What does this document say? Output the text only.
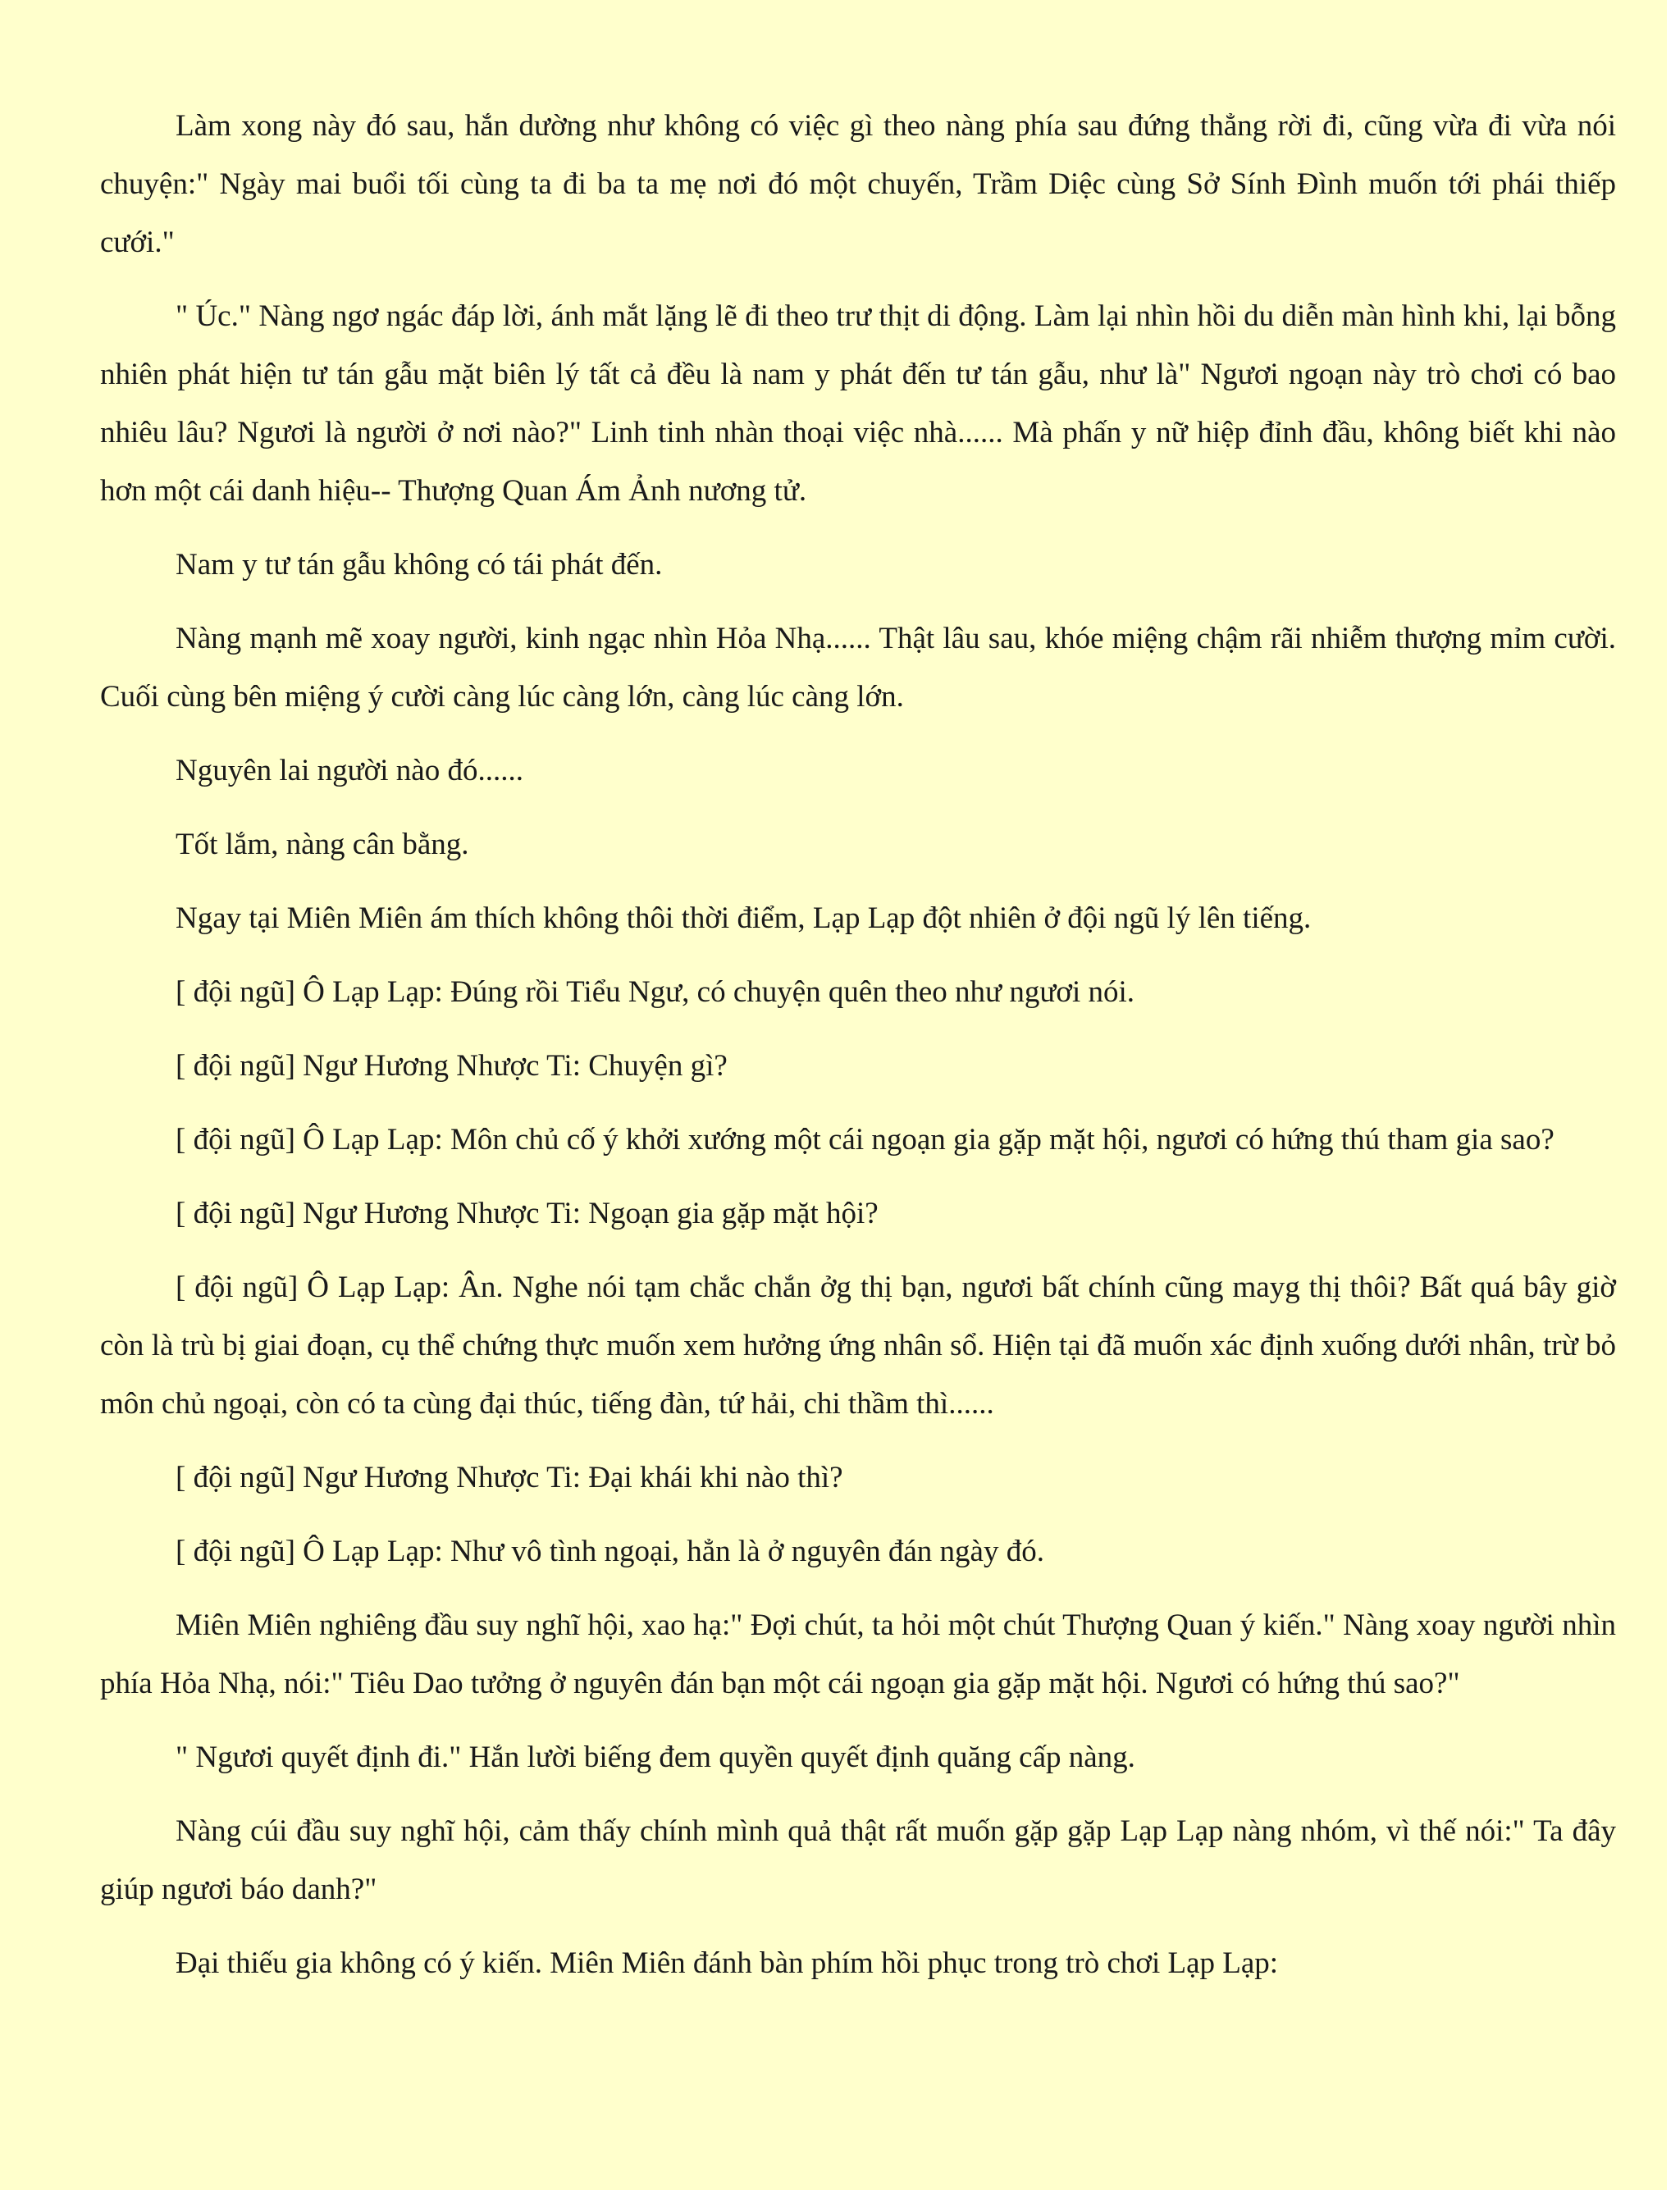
Làm xong này đó sau, hắn dường như không có việc gì theo nàng phía sau đứng thẳng rời đi, cũng vừa đi vừa nói chuyện:" Ngày mai buổi tối cùng ta đi ba ta mẹ nơi đó một chuyến, Trầm Diệc cùng Sở Sính Đình muốn tới phái thiếp cưới."

" Úc." Nàng ngơ ngác đáp lời, ánh mắt lặng lẽ đi theo trư thịt di động. Làm lại nhìn hồi du diễn màn hình khi, lại bỗng nhiên phát hiện tư tán gẫu mặt biên lý tất cả đều là nam y phát đến tư tán gẫu, như là" Ngươi ngoạn này trò chơi có bao nhiêu lâu? Ngươi là người ở nơi nào?" Linh tinh nhàn thoại việc nhà...... Mà phấn y nữ hiệp đỉnh đầu, không biết khi nào hơn một cái danh hiệu-- Thượng Quan Ám Ảnh nương tử.

Nam y tư tán gẫu không có tái phát đến.

Nàng mạnh mẽ xoay người, kinh ngạc nhìn Hỏa Nhạ...... Thật lâu sau, khóe miệng chậm rãi nhiễm thượng mỉm cười. Cuối cùng bên miệng ý cười càng lúc càng lớn, càng lúc càng lớn.

Nguyên lai người nào đó......

Tốt lắm, nàng cân bằng.

Ngay tại Miên Miên ám thích không thôi thời điểm, Lạp Lạp đột nhiên ở đội ngũ lý lên tiếng.

[ đội ngũ] Ô Lạp Lạp: Đúng rồi Tiểu Ngư, có chuyện quên theo như ngươi nói.

[ đội ngũ] Ngư Hương Nhược Ti: Chuyện gì?

[ đội ngũ] Ô Lạp Lạp: Môn chủ cố ý khởi xướng một cái ngoạn gia gặp mặt hội, ngươi có hứng thú tham gia sao?

[ đội ngũ] Ngư Hương Nhược Ti: Ngoạn gia gặp mặt hội?

[ đội ngũ] Ô Lạp Lạp: Ân. Nghe nói tạm chắc chắn ởg thị bạn, ngươi bất chính cũng mayg thị thôi? Bất quá bây giờ còn là trù bị giai đoạn, cụ thể chứng thực muốn xem hưởng ứng nhân sổ. Hiện tại đã muốn xác định xuống dưới nhân, trừ bỏ môn chủ ngoại, còn có ta cùng đại thúc, tiếng đàn, tứ hải, chi thầm thì......

[ đội ngũ] Ngư Hương Nhược Ti: Đại khái khi nào thì?

[ đội ngũ] Ô Lạp Lạp: Như vô tình ngoại, hẳn là ở nguyên đán ngày đó.

Miên Miên nghiêng đầu suy nghĩ hội, xao hạ:" Đợi chút, ta hỏi một chút Thượng Quan ý kiến." Nàng xoay người nhìn phía Hỏa Nhạ, nói:" Tiêu Dao tưởng ở nguyên đán bạn một cái ngoạn gia gặp mặt hội. Ngươi có hứng thú sao?"

" Ngươi quyết định đi." Hắn lười biếng đem quyền quyết định quăng cấp nàng.

Nàng cúi đầu suy nghĩ hội, cảm thấy chính mình quả thật rất muốn gặp gặp Lạp Lạp nàng nhóm, vì thế nói:" Ta đây giúp ngươi báo danh?"

Đại thiếu gia không có ý kiến. Miên Miên đánh bàn phím hồi phục trong trò chơi Lạp Lạp:
